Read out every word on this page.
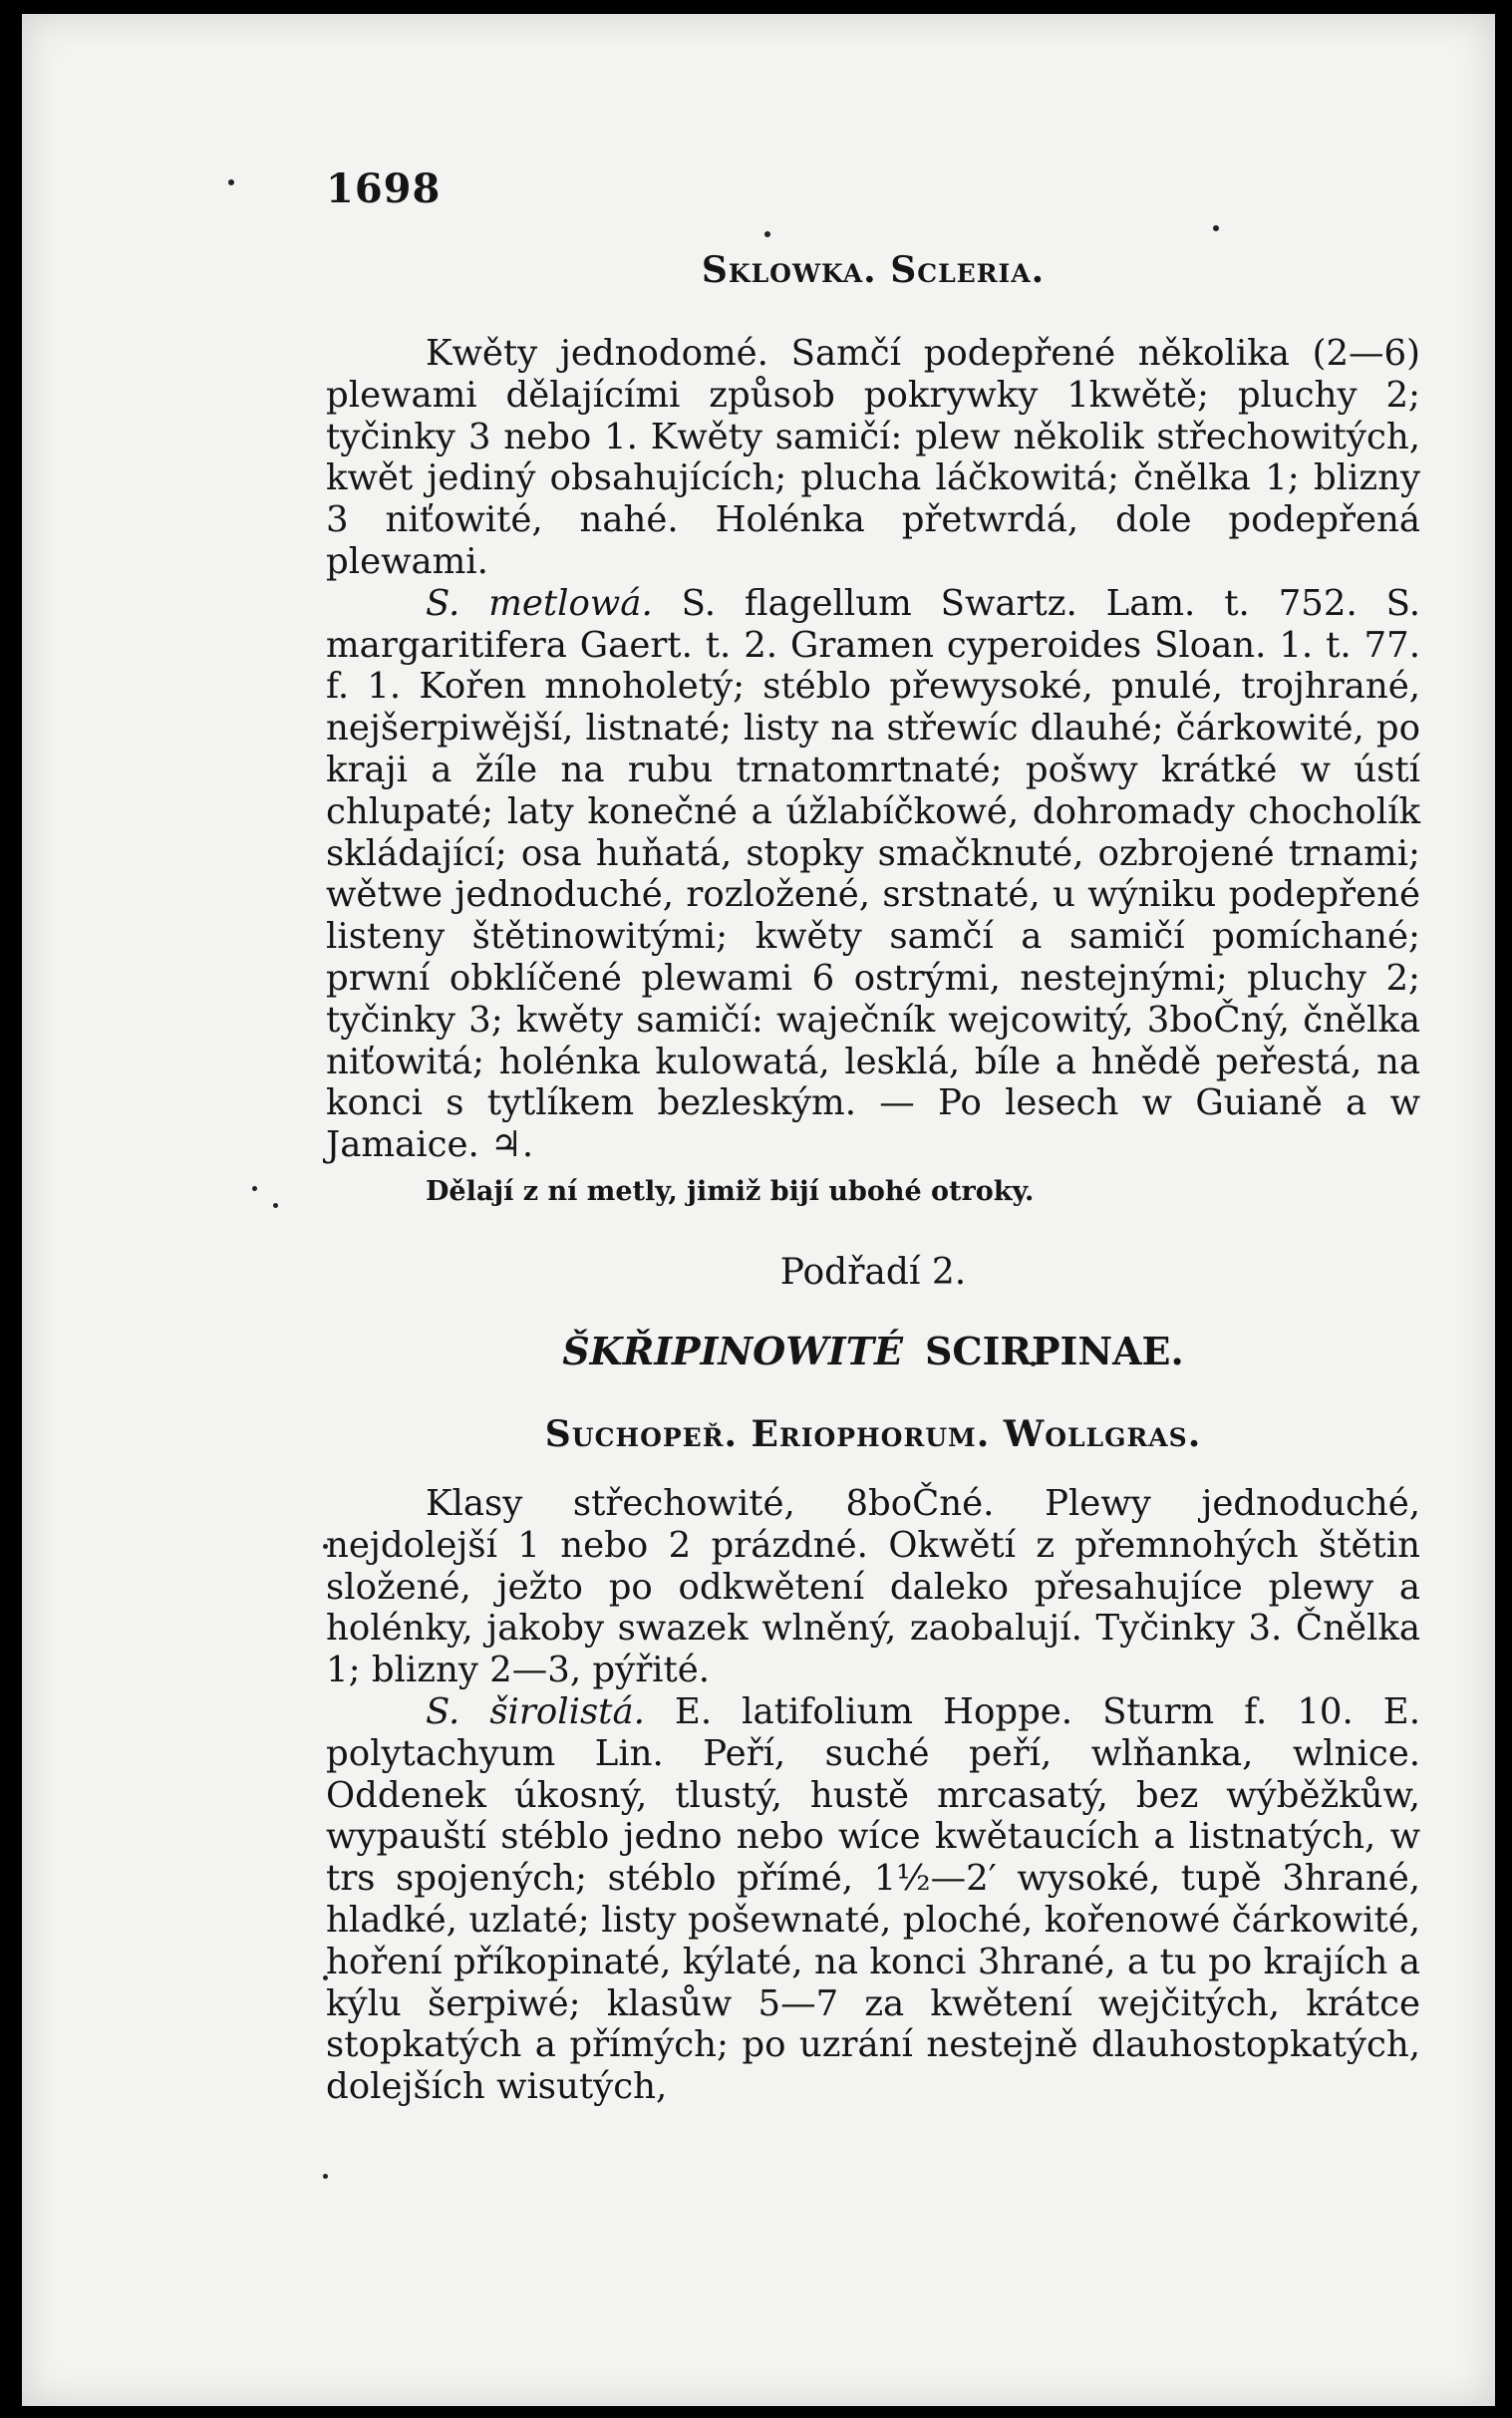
1698
Sklowka. Scleria.

Kwěty jednodomé. Samčí podepřené několika (2—6) plewami dělajícími způsob pokrywky 1kwětě; pluchy 2; tyčinky 3 nebo 1. Kwěty samičí: plew několik střechowitých, kwět jediný obsahujících; plucha láčkowitá; čnělka 1; blizny 3 niťowité, nahé. Holénka přetwrdá, dole podepřená plewami.

S. metlowá. S. flagellum Swartz. Lam. t. 752. S. margaritifera Gaert. t. 2. Gramen cyperoides Sloan. 1. t. 77. f. 1. Kořen mnoholetý; stéblo přewysoké, pnulé, trojhrané, nejšerpiwější, listnaté; listy na střewíc dlauhé; čárkowité, po kraji a žíle na rubu trnatomrtnaté; pošwy krátké w ústí chlupaté; laty konečné a úžlabíčkowé, dohromady chocholík skládající; osa huňatá, stopky smačknuté, ozbrojené trnami; wětwe jednoduché, rozložené, srstnaté, u wýniku podepřené listeny štětinowitými; kwěty samčí a samičí pomíchané; prwní obklíčené plewami 6 ostrými, nestejnými; pluchy 2; tyčinky 3; kwěty samičí: waječník wejcowitý, 3boČný, čnělka niťowitá; holénka kulowatá, lesklá, bíle a hnědě peřestá, na konci s tytlíkem bezleským. — Po lesech w Guianě a w Jamaice. ♃.

Dělají z ní metly, jimiž bijí ubohé otroky.
Podřadí 2.
ŠKŘIPINOWITÉ SCIRPINAE.
Suchopeř. Eriophorum. Wollgras.

Klasy střechowité, 8boČné. Plewy jednoduché, nejdolejší 1 nebo 2 prázdné. Okwětí z přemnohých štětin složené, ježto po odkwětení daleko přesahujíce plewy a holénky, jakoby swazek wlněný, zaobalují. Tyčinky 3. Čnělka 1; blizny 2—3, pýřité.

S. širolistá. E. latifolium Hoppe. Sturm f. 10. E. polytachyum Lin. Peří, suché peří, wlňanka, wlnice. Oddenek úkosný, tlustý, hustě mrcasatý, bez wýběžkůw, wypauští stéblo jedno nebo wíce kwětaucích a listnatých, w trs spojených; stéblo přímé, 1½—2′ wysoké, tupě 3hrané, hladké, uzlaté; listy pošewnaté, ploché, kořenowé čárkowité, hoření příkopinaté, kýlaté, na konci 3hrané, a tu po krajích a kýlu šerpiwé; klasůw 5—7 za kwětení wejčitých, krátce stopkatých a přímých; po uzrání nestejně dlauhostopkatých, dolejších wisutých,
